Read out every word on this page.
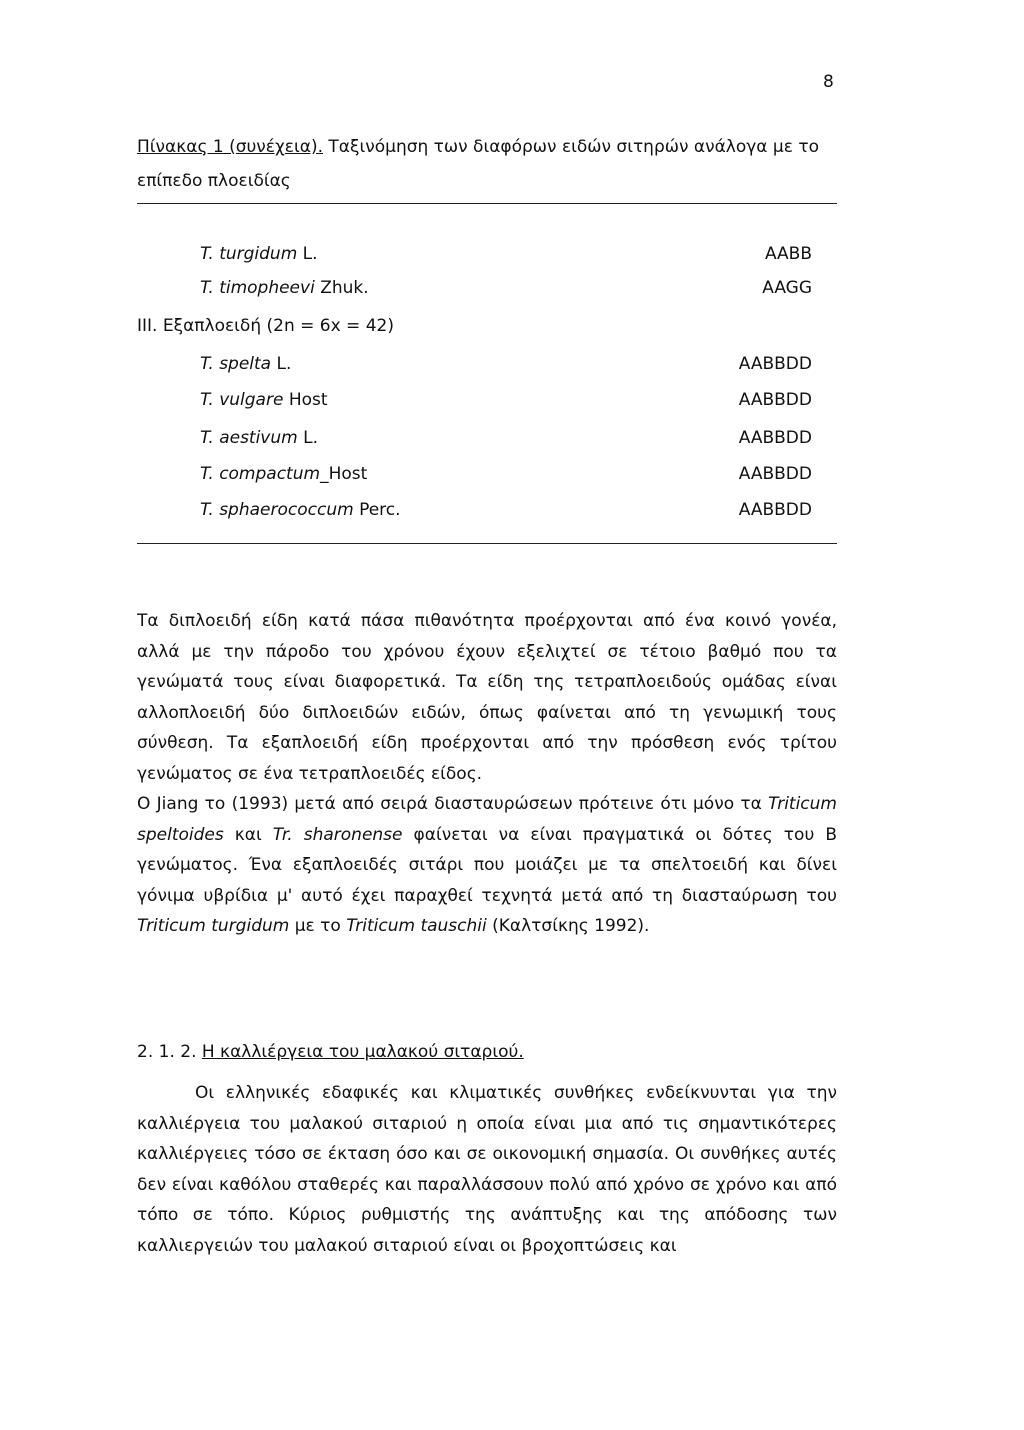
8
Πίνακας 1 (συνέχεια). Ταξινόμηση των διαφόρων ειδών σιτηρών ανάλογα με το επίπεδο πλοειδίας
T. turgidum L.	AABB
T. timopheevi Zhuk.	AAGG
III. Εξαπλοειδή (2n = 6x = 42)
T. spelta L.	AABBDD
T. vulgare Host	AABBDD
T. aestivum L.	AABBDD
T. compactum_Host	AABBDD
T. sphaerococcum Perc.	AABBDD

Τα διπλοειδή είδη κατά πάσα πιθανότητα προέρχονται από ένα κοινό γονέα, αλλά με την πάροδο του χρόνου έχουν εξελιχτεί σε τέτοιο βαθμό που τα γενώματά τους είναι διαφορετικά. Τα είδη της τετραπλοειδούς ομάδας είναι αλλοπλοειδή δύο διπλοειδών ειδών, όπως φαίνεται από τη γενωμική τους σύνθεση. Τα εξαπλοειδή είδη προέρχονται από την πρόσθεση ενός τρίτου γενώματος σε ένα τετραπλοειδές είδος.

Ο Jiang το (1993) μετά από σειρά διασταυρώσεων πρότεινε ότι μόνο τα Triticum speltoides και Tr. sharonense φαίνεται να είναι πραγματικά οι δότες του B γενώματος. Ένα εξαπλοειδές σιτάρι που μοιάζει με τα σπελτοειδή και δίνει γόνιμα υβρίδια μ' αυτό έχει παραχθεί τεχνητά μετά από τη διασταύρωση του Triticum turgidum με το Triticum tauschii (Καλτσίκης 1992).

2. 1. 2. Η καλλιέργεια του μαλακού σιταριού.
Οι ελληνικές εδαφικές και κλιματικές συνθήκες ενδείκνυνται για την καλλιέργεια του μαλακού σιταριού η οποία είναι μια από τις σημαντικότερες καλλιέργειες τόσο σε έκταση όσο και σε οικονομική σημασία. Οι συνθήκες αυτές δεν είναι καθόλου σταθερές και παραλλάσσουν πολύ από χρόνο σε χρόνο και από τόπο σε τόπο. Κύριος ρυθμιστής της ανάπτυξης και της απόδοσης των καλλιεργειών του μαλακού σιταριού είναι οι βροχοπτώσεις και
